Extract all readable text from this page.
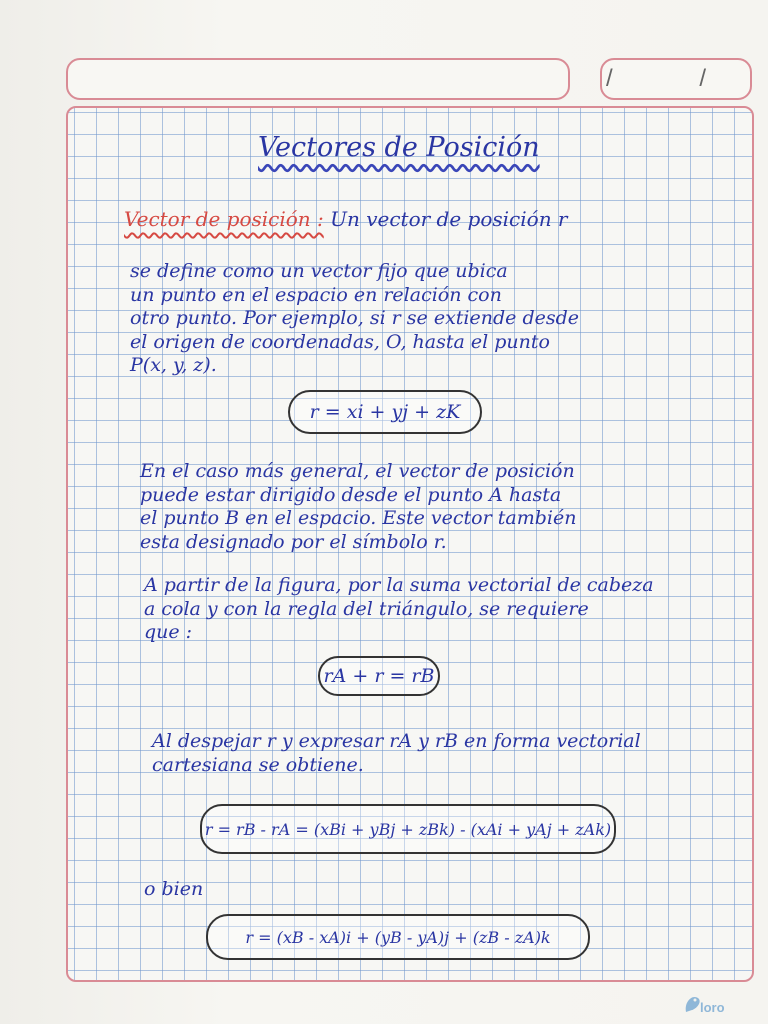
/ /
Vectores de Posición
Vector de posición : Un vector de posición r
se define como un vector fijo que ubica
un punto en el espacio en relación con
otro punto. Por ejemplo, si r se extiende desde
el origen de coordenadas, O, hasta el punto
P(x, y, z).
r = xi + yj + zK
En el caso más general, el vector de posición
puede estar dirigido desde el punto A hasta
el punto B en el espacio. Este vector también
esta designado por el símbolo r.
A partir de la figura, por la suma vectorial de cabeza
a cola y con la regla del triángulo, se requiere
que :
rA + r = rB
Al despejar r y expresar rA y rB en forma vectorial
cartesiana se obtiene.
r = rB - rA = (xBi + yBj + zBk) - (xAi + yAj + zAk)
o bien
r = (xB - xA)i + (yB - yA)j + (zB - zA)k
loro
